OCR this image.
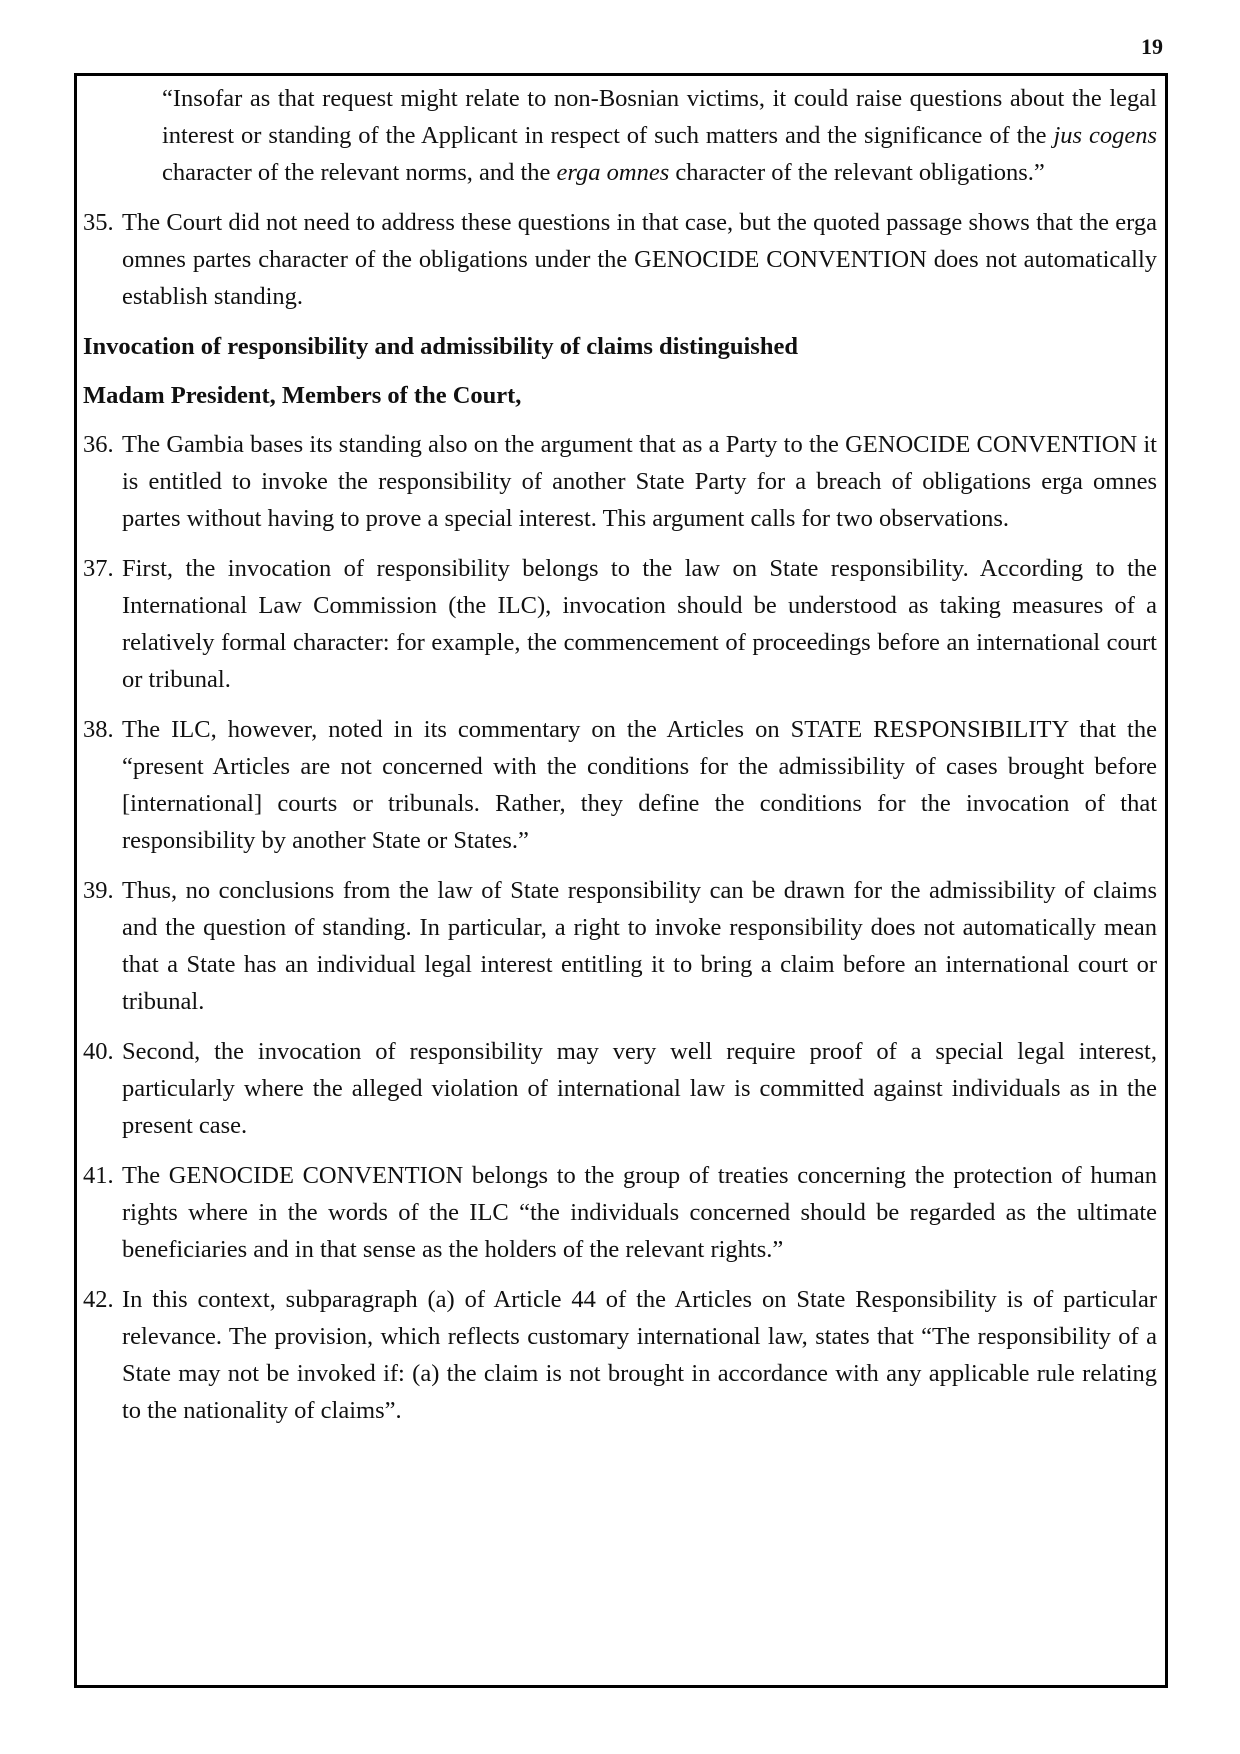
19

“Insofar as that request might relate to non-Bosnian victims, it could raise questions about the legal interest or standing of the Applicant in respect of such matters and the significance of the jus cogens character of the relevant norms, and the erga omnes character of the relevant obligations.”

35. The Court did not need to address these questions in that case, but the quoted passage shows that the erga omnes partes character of the obligations under the GENOCIDE CONVENTION does not automatically establish standing.

Invocation of responsibility and admissibility of claims distinguished

Madam President, Members of the Court,

36. The Gambia bases its standing also on the argument that as a Party to the GENOCIDE CONVENTION it is entitled to invoke the responsibility of another State Party for a breach of obligations erga omnes partes without having to prove a special interest. This argument calls for two observations.

37. First, the invocation of responsibility belongs to the law on State responsibility. According to the International Law Commission (the ILC), invocation should be understood as taking measures of a relatively formal character: for example, the commencement of proceedings before an international court or tribunal.

38. The ILC, however, noted in its commentary on the Articles on STATE RESPONSIBILITY that the “present Articles are not concerned with the conditions for the admissibility of cases brought before [international] courts or tribunals. Rather, they define the conditions for the invocation of that responsibility by another State or States.”

39. Thus, no conclusions from the law of State responsibility can be drawn for the admissibility of claims and the question of standing. In particular, a right to invoke responsibility does not automatically mean that a State has an individual legal interest entitling it to bring a claim before an international court or tribunal.

40. Second, the invocation of responsibility may very well require proof of a special legal interest, particularly where the alleged violation of international law is committed against individuals as in the present case.

41. The GENOCIDE CONVENTION belongs to the group of treaties concerning the protection of human rights where in the words of the ILC “the individuals concerned should be regarded as the ultimate beneficiaries and in that sense as the holders of the relevant rights.”

42. In this context, subparagraph (a) of Article 44 of the Articles on State Responsibility is of particular relevance. The provision, which reflects customary international law, states that “The responsibility of a State may not be invoked if: (a) the claim is not brought in accordance with any applicable rule relating to the nationality of claims”.
